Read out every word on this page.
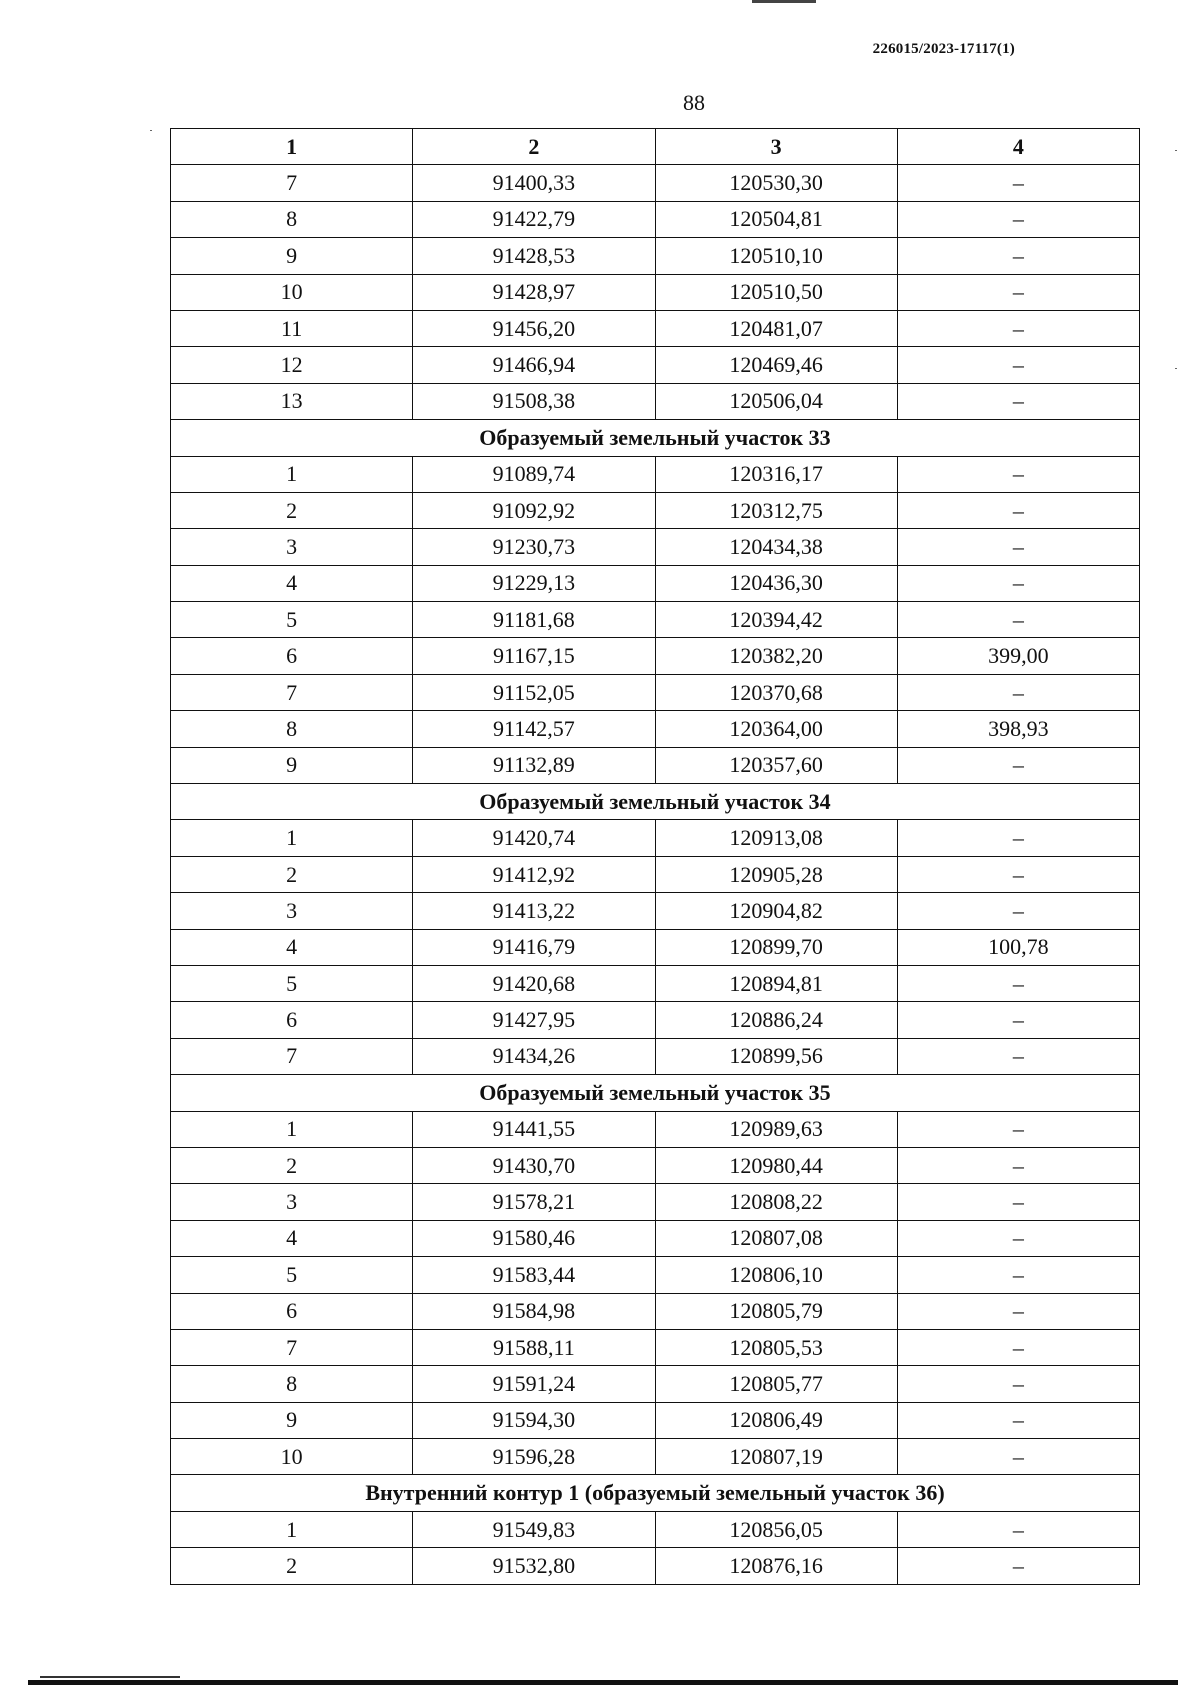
226015/2023-17117(1)
88
1	2	3	4
7	91400,33	120530,30	–
8	91422,79	120504,81	–
9	91428,53	120510,10	–
10	91428,97	120510,50	–
11	91456,20	120481,07	–
12	91466,94	120469,46	–
13	91508,38	120506,04	–
Образуемый земельный участок 33			
1	91089,74	120316,17	–
2	91092,92	120312,75	–
3	91230,73	120434,38	–
4	91229,13	120436,30	–
5	91181,68	120394,42	–
6	91167,15	120382,20	399,00
7	91152,05	120370,68	–
8	91142,57	120364,00	398,93
9	91132,89	120357,60	–
Образуемый земельный участок 34			
1	91420,74	120913,08	–
2	91412,92	120905,28	–
3	91413,22	120904,82	–
4	91416,79	120899,70	100,78
5	91420,68	120894,81	–
6	91427,95	120886,24	–
7	91434,26	120899,56	–
Образуемый земельный участок 35			
1	91441,55	120989,63	–
2	91430,70	120980,44	–
3	91578,21	120808,22	–
4	91580,46	120807,08	–
5	91583,44	120806,10	–
6	91584,98	120805,79	–
7	91588,11	120805,53	–
8	91591,24	120805,77	–
9	91594,30	120806,49	–
10	91596,28	120807,19	–
Внутренний контур 1 (образуемый земельный участок 36)			
1	91549,83	120856,05	–
2	91532,80	120876,16	–
